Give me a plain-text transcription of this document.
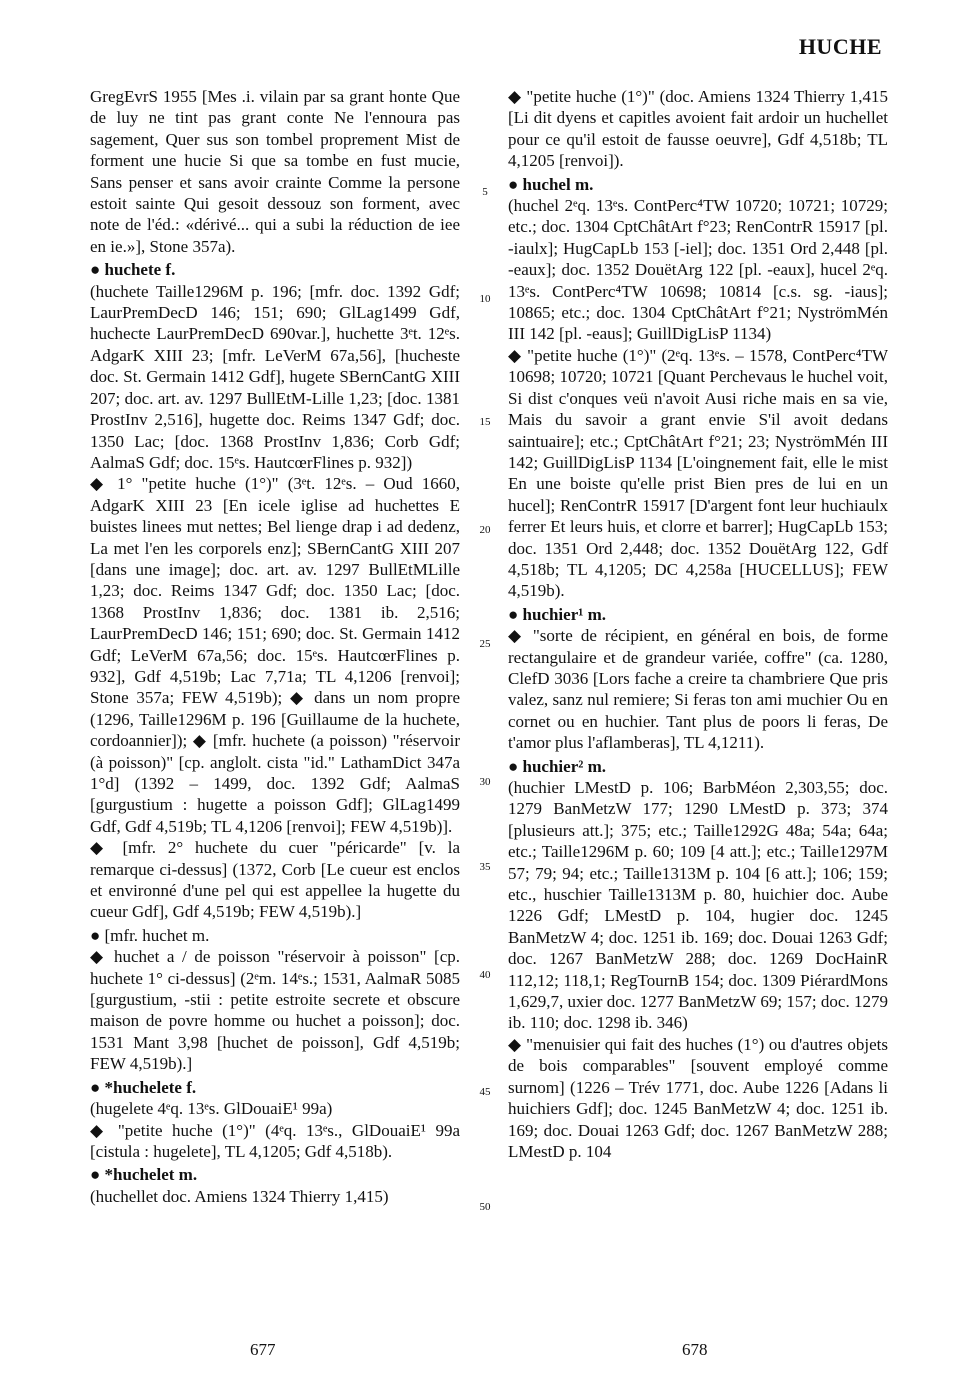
HUCHE

GregEvrS 1955 [Mes .i. vilain par sa grant honte Que de luy ne tint pas grant conte Ne l'ennoura pas sagement, Quer sus son tombel proprement Mist de forment une hucie Si que sa tombe en fust mucie, Sans penser et sans avoir crainte Comme la persone estoit sainte Qui gesoit dessouz son forment, avec note de l'éd.: «dérivé... qui a subi la réduction de iee en ie.»], Stone 357a).

● huchete f.

(huchete Taille1296M p. 196; [mfr. doc. 1392 Gdf; LaurPremDecD 146; 151; 690; GlLag1499 Gdf, huchecte LaurPremDecD 690var.], huchette 3ᵉt. 12ᵉs. AdgarK XIII 23; [mfr. LeVerM 67a,56], [hucheste doc. St. Germain 1412 Gdf], hugete SBernCantG XIII 207; doc. art. av. 1297 BullEtM-Lille 1,23; [doc. 1381 ProstInv 2,516], hugette doc. Reims 1347 Gdf; doc. 1350 Lac; [doc. 1368 ProstInv 1,836; Corb Gdf; AalmaS Gdf; doc. 15ᵉs. HautcœrFlines p. 932])

◆ 1° "petite huche (1°)" (3ᵉt. 12ᵉs. – Oud 1660, AdgarK XIII 23 [En icele iglise ad huchettes E buistes linees mut nettes; Bel lienge drap i ad dedenz, La met l'en les corporels enz]; SBernCantG XIII 207 [dans une image]; doc. art. av. 1297 BullEtMLille 1,23; doc. Reims 1347 Gdf; doc. 1350 Lac; [doc. 1368 ProstInv 1,836; doc. 1381 ib. 2,516; LaurPremDecD 146; 151; 690; doc. St. Germain 1412 Gdf; LeVerM 67a,56; doc. 15ᵉs. HautcœrFlines p. 932], Gdf 4,519b; Lac 7,71a; TL 4,1206 [renvoi]; Stone 357a; FEW 4,519b); ◆ dans un nom propre (1296, Taille1296M p. 196 [Guillaume de la huchete, cordoannier]); ◆ [mfr. huchete (a poisson) "réservoir (à poisson)" [cp. anglolt. cista "id." LathamDict 347a 1°d] (1392 – 1499, doc. 1392 Gdf; AalmaS [gurgustium : hugette a poisson Gdf]; GlLag1499 Gdf, Gdf 4,519b; TL 4,1206 [renvoi]; FEW 4,519b)].

◆ [mfr. 2° huchete du cuer "péricarde" [v. la remarque ci-dessus] (1372, Corb [Le cueur est enclos et environné d'une pel qui est appellee la hugette du cueur Gdf], Gdf 4,519b; FEW 4,519b).]

● [mfr. huchet m.

◆ huchet a / de poisson "réservoir à poisson" [cp. huchete 1° ci-dessus] (2ᵉm. 14ᵉs.; 1531, AalmaR 5085 [gurgustium, -stii : petite estroite secrete et obscure maison de povre homme ou huchet a poisson]; doc. 1531 Mant 3,98 [huchet de poisson], Gdf 4,519b; FEW 4,519b).]

● *huchelete f.

(hugelete 4ᵉq. 13ᵉs. GlDouaiE¹ 99a)

◆ "petite huche (1°)" (4ᵉq. 13ᵉs., GlDouaiE¹ 99a [cistula : hugelete], TL 4,1205; Gdf 4,518b).

● *huchelet m.

(huchellet doc. Amiens 1324 Thierry 1,415)

5
10
15
20
25
30
35
40
45
50

◆ "petite huche (1°)" (doc. Amiens 1324 Thierry 1,415 [Li dit dyens et capitles avoient fait ardoir un huchellet pour ce qu'il estoit de fausse oeuvre], Gdf 4,518b; TL 4,1205 [renvoi]).

● huchel m.

(huchel 2ᵉq. 13ᵉs. ContPerc⁴TW 10720; 10721; 10729; etc.; doc. 1304 CptChâtArt f°23; RenContrR 15917 [pl. -iaulx]; HugCapLb 153 [-iel]; doc. 1351 Ord 2,448 [pl. -eaux]; doc. 1352 DouëtArg 122 [pl. -eaux], hucel 2ᵉq. 13ᵉs. ContPerc⁴TW 10698; 10814 [c.s. sg. -iaus]; 10865; etc.; doc. 1304 CptChâtArt f°21; NyströmMén III 142 [pl. -eaus]; GuillDigLisP 1134)

◆ "petite huche (1°)" (2ᵉq. 13ᵉs. – 1578, ContPerc⁴TW 10698; 10720; 10721 [Quant Perchevaus le huchel voit, Si dist c'onques veü n'avoit Ausi riche mais en sa vie, Mais du savoir a grant envie S'il avoit dedans saintuaire]; etc.; CptChâtArt f°21; 23; NyströmMén III 142; GuillDigLisP 1134 [L'oingnement fait, elle le mist En une boiste qu'elle prist Bien pres de lui en un hucel]; RenContrR 15917 [D'argent font leur huchiaulx ferrer Et leurs huis, et clorre et barrer]; HugCapLb 153; doc. 1351 Ord 2,448; doc. 1352 DouëtArg 122, Gdf 4,518b; TL 4,1205; DC 4,258a [HUCELLUS]; FEW 4,519b).

● huchier¹ m.

◆ "sorte de récipient, en général en bois, de forme rectangulaire et de grandeur variée, coffre" (ca. 1280, ClefD 3036 [Lors fache a creire ta chambriere Que pris valez, sanz nul remiere; Si feras ton ami muchier Ou en cornet ou en huchier. Tant plus de poors li feras, De t'amor plus l'aflamberas], TL 4,1211).

● huchier² m.

(huchier LMestD p. 106; BarbMéon 2,303,55; doc. 1279 BanMetzW 177; 1290 LMestD p. 373; 374 [plusieurs att.]; 375; etc.; Taille1292G 48a; 54a; 64a; etc.; Taille1296M p. 60; 109 [4 att.]; etc.; Taille1297M 57; 79; 94; etc.; Taille1313M p. 104 [6 att.]; 106; 159; etc., huschier Taille1313M p. 80, huichier doc. Aube 1226 Gdf; LMestD p. 104, hugier doc. 1245 BanMetzW 4; doc. 1251 ib. 169; doc. Douai 1263 Gdf; doc. 1267 BanMetzW 288; doc. 1269 DocHainR 112,12; 118,1; RegTournB 154; doc. 1309 PiérardMons 1,629,7, uxier doc. 1277 BanMetzW 69; 157; doc. 1279 ib. 110; doc. 1298 ib. 346)

◆ "menuisier qui fait des huches (1°) ou d'autres objets de bois comparables" [souvent employé comme surnom] (1226 – Trév 1771, doc. Aube 1226 [Adans li huichiers Gdf]; doc. 1245 BanMetzW 4; doc. 1251 ib. 169; doc. Douai 1263 Gdf; doc. 1267 BanMetzW 288; LMestD p. 104

677	678
